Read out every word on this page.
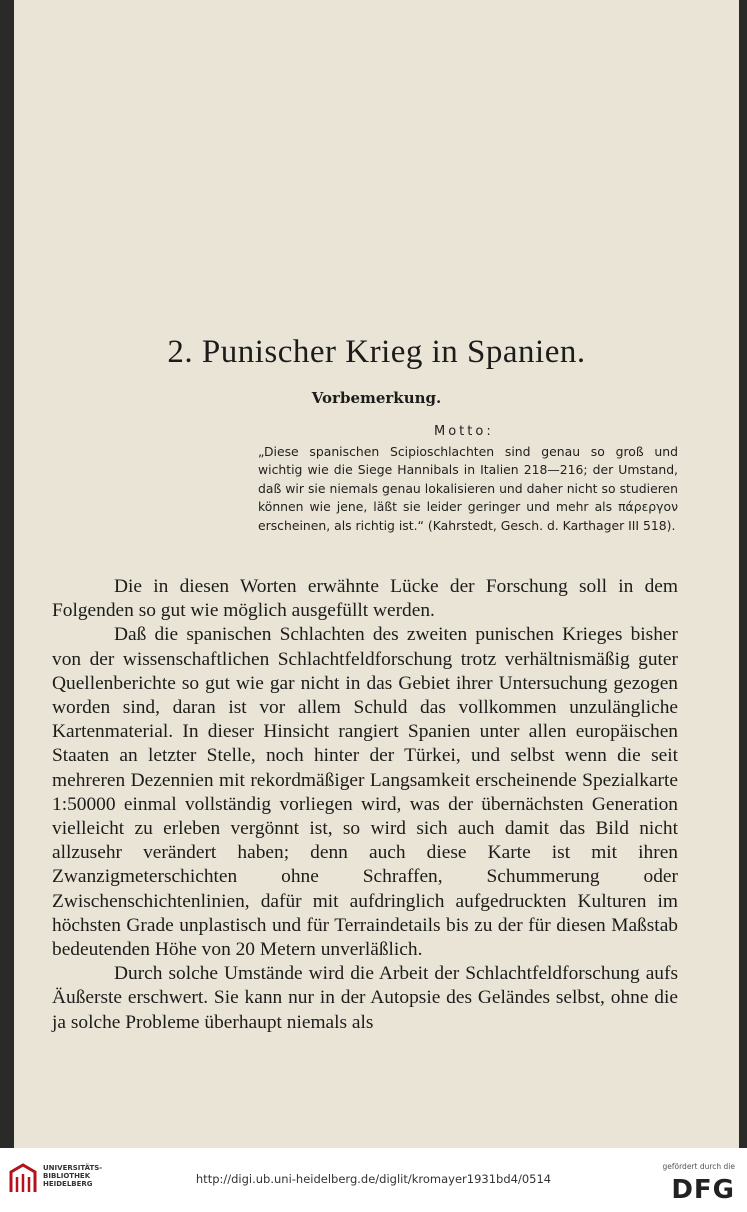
2. Punischer Krieg in Spanien.
Vorbemerkung.
Motto:
„Diese spanischen Scipioschlachten sind genau so groß und wichtig wie die Siege Hannibals in Italien 218—216; der Umstand, daß wir sie niemals genau lokalisieren und daher nicht so studieren können wie jene, läßt sie leider geringer und mehr als πάρεργον erscheinen, als richtig ist.“ (Kahrstedt, Gesch. d. Karthager III 518).

Die in diesen Worten erwähnte Lücke der Forschung soll in dem Folgenden so gut wie möglich ausgefüllt werden.

Daß die spanischen Schlachten des zweiten punischen Krieges bisher von der wissenschaftlichen Schlachtfeldforschung trotz verhältnismäßig guter Quellenberichte so gut wie gar nicht in das Gebiet ihrer Untersuchung gezogen worden sind, daran ist vor allem Schuld das vollkommen unzulängliche Kartenmaterial. In dieser Hinsicht rangiert Spanien unter allen europäischen Staaten an letzter Stelle, noch hinter der Türkei, und selbst wenn die seit mehreren Dezennien mit rekordmäßiger Langsamkeit erscheinende Spezialkarte 1:50000 einmal vollständig vorliegen wird, was der übernächsten Generation vielleicht zu erleben vergönnt ist, so wird sich auch damit das Bild nicht allzusehr verändert haben; denn auch diese Karte ist mit ihren Zwanzigmeterschichten ohne Schraffen, Schummerung oder Zwischenschichtenlinien, dafür mit aufdringlich aufgedruckten Kulturen im höchsten Grade unplastisch und für Terraindetails bis zu der für diesen Maßstab bedeutenden Höhe von 20 Metern unverläßlich.

Durch solche Umstände wird die Arbeit der Schlachtfeldforschung aufs Äußerste erschwert. Sie kann nur in der Autopsie des Geländes selbst, ohne die ja solche Probleme überhaupt niemals als

UNIVERSITÄTS-
BIBLIOTHEK
HEIDELBERG	http://digi.ub.uni-heidelberg.de/diglit/kromayer1931bd4/0514
gefördert durch die
DFG
